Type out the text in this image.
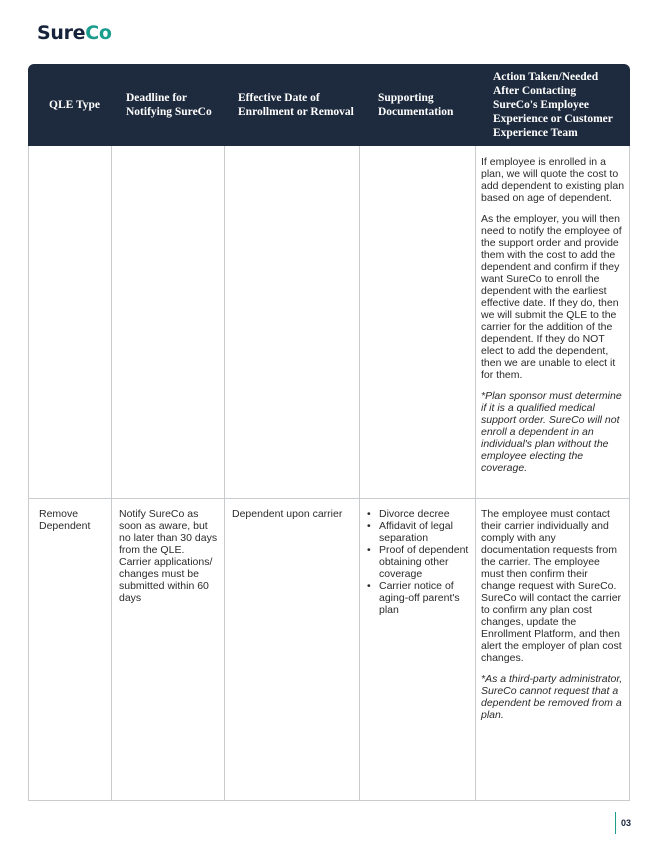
SureCo
QLE Type
Deadline for Notifying SureCo
Effective Date of Enrollment or Removal
Supporting Documentation
Action Taken/Needed After Contacting SureCo's Employee Experience or Customer Experience Team

If employee is enrolled in a plan, we will quote the cost to add dependent to existing plan based on age of dependent.

As the employer, you will then need to notify the employee of the support order and provide them with the cost to add the dependent and confirm if they want SureCo to enroll the dependent with the earliest effective date. If they do, then we will submit the QLE to the carrier for the addition of the dependent. If they do NOT elect to add the dependent, then we are unable to elect it for them.

*Plan sponsor must determine if it is a qualified medical support order. SureCo will not enroll a dependent in an individual's plan without the employee electing the coverage.

Remove Dependent
Notify SureCo as soon as aware, but no later than 30 days from the QLE. Carrier applications/ changes must be submitted within 60 days
Dependent upon carrier
•	Divorce decree
• Affidavit of legal separation
• Proof of dependent obtaining other coverage
• Carrier notice of aging-off parent's plan

The employee must contact their carrier individually and comply with any documentation requests from the carrier. The employee must then confirm their change request with SureCo. SureCo will contact the carrier to confirm any plan cost changes, update the Enrollment Platform, and then alert the employer of plan cost changes.

*As a third-party administrator, SureCo cannot request that a dependent be removed from a plan.

03
